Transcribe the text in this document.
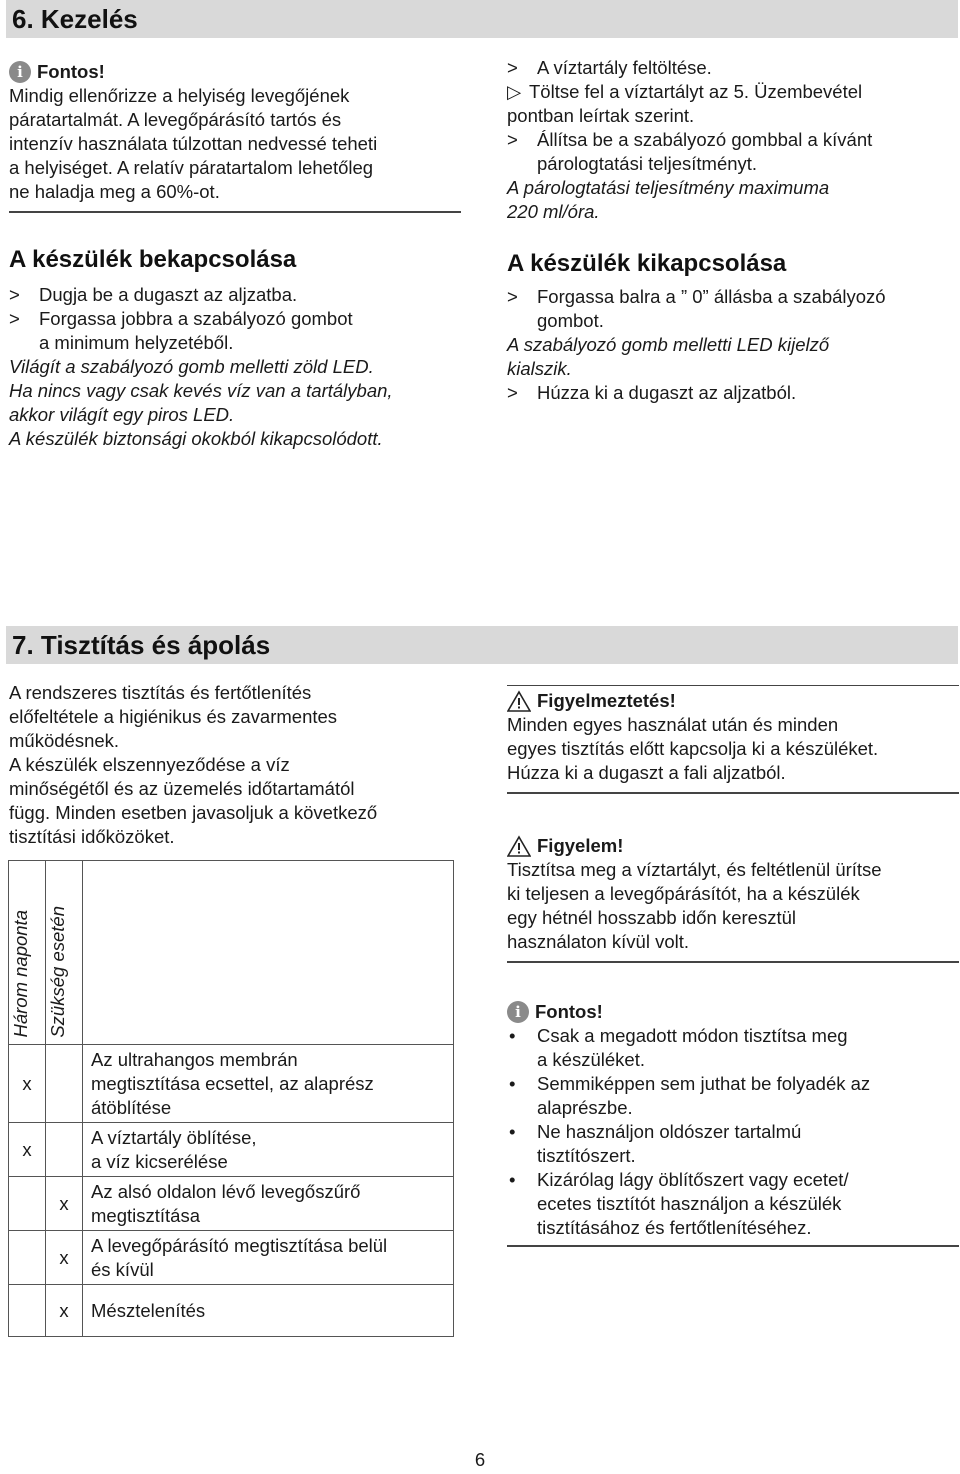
6. Kezelés
i Fontos!

Mindig ellenőrizze a helyiség levegőjének

páratartalmát. A levegőpárásító tartós és

intenzív használata túlzottan nedvessé teheti

a helyiséget. A relatív páratartalom lehetőleg

ne haladja meg a 60%-ot.

A készülék bekapcsolása

> Dugja be a dugaszt az aljzatba.
> Forgassa jobbra a szabályozó gombot
a minimum helyzetéből.

Világít a szabályozó gomb melletti zöld LED.

Ha nincs vagy csak kevés víz van a tartályban,

akkor világít egy piros LED.

A készülék biztonsági okokból kikapcsolódott.

> A víztartály feltöltése.
▷ Töltse fel a víztartályt az 5. Üzembevétel

pontban leírtak szerint.

> Állítsa be a szabályozó gombbal a kívánt
párologtatási teljesítményt.

A párologtatási teljesítmény maximuma

220 ml/óra.

A készülék kikapcsolása

> Forgassa balra a ” 0” állásba a szabályozó
gombot.

A szabályozó gomb melletti LED kijelző

kialszik.

> Húzza ki a dugaszt az aljzatból.
7. Tisztítás és ápolás

A rendszeres tisztítás és fertőtlenítés

előfeltétele a higiénikus és zavarmentes

működésnek.

A készülék elszennyeződése a víz

minőségétől és az üzemelés időtartamától

függ. Minden esetben javasoljuk a következő

tisztítási időközöket.

Három naponta	Szükség esetén	

x		Az ultrahangos membrán
megtisztítása ecsettel, az alaprész
átöblítése

x		A víztartály öblítése,
a víz kicserélése

	x	Az alsó oldalon lévő levegőszűrő
megtisztítása

	x	A levegőpárásító megtisztítása belül
és kívül

	x	Mésztelenítés
Figyelmeztetés!

Minden egyes használat után és minden

egyes tisztítás előtt kapcsolja ki a készüléket.

Húzza ki a dugaszt a fali aljzatból.

Figyelem!

Tisztítsa meg a víztartályt, és feltétlenül ürítse

ki teljesen a levegőpárásítót, ha a készülék

egy hétnél hosszabb időn keresztül

használaton kívül volt.

i Fontos!
• Csak a megadott módon tisztítsa meg
a készüléket.
• Semmiképpen sem juthat be folyadék az
alaprészbe.
• Ne használjon oldószer tartalmú
tisztítószert.
• Kizárólag lágy öblítőszert vagy ecetet/
ecetes tisztítót használjon a készülék
tisztításához és fertőtlenítéséhez.
6
